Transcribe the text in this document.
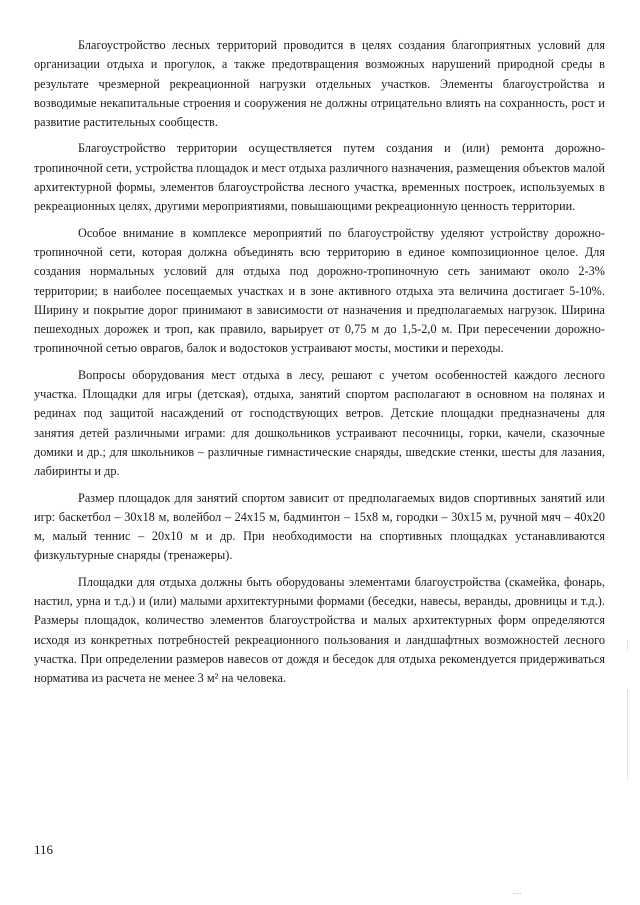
Благоустройство лесных территорий проводится в целях создания благоприятных условий для организации отдыха и прогулок, а также предотвращения возможных нарушений природной среды в результате чрезмерной рекреационной нагрузки отдельных участков. Элементы благоустройства и возводимые некапитальные строения и сооружения не должны отрицательно влиять на сохранность, рост и развитие растительных сообществ.

Благоустройство территории осуществляется путем создания и (или) ремонта дорожно-тропиночной сети, устройства площадок и мест отдыха различного назначения, размещения объектов малой архитектурной формы, элементов благоустройства лесного участка, временных построек, используемых в рекреационных целях, другими мероприятиями, повышающими рекреационную ценность территории.

Особое внимание в комплексе мероприятий по благоустройству уделяют устройству дорожно-тропиночной сети, которая должна объединять всю территорию в единое композиционное целое. Для создания нормальных условий для отдыха под дорожно-тропиночную сеть занимают около 2-3% территории; в наиболее посещаемых участках и в зоне активного отдыха эта величина достигает 5-10%. Ширину и покрытие дорог принимают в зависимости от назначения и предполагаемых нагрузок. Ширина пешеходных дорожек и троп, как правило, варьирует от 0,75 м до 1,5-2,0 м. При пересечении дорожно-тропиночной сетью оврагов, балок и водостоков устраивают мосты, мостики и переходы.

Вопросы оборудования мест отдыха в лесу, решают с учетом особенностей каждого лесного участка. Площадки для игры (детская), отдыха, занятий спортом располагают в основном на полянах и рединах под защитой насаждений от господствующих ветров. Детские площадки предназначены для занятия детей различными играми: для дошкольников устраивают песочницы, горки, качели, сказочные домики и др.; для школьников – различные гимнастические снаряды, шведские стенки, шесты для лазания, лабиринты и др.

Размер площадок для занятий спортом зависит от предполагаемых видов спортивных занятий или игр: баскетбол – 30х18 м, волейбол – 24х15 м, бадминтон – 15х8 м, городки – 30х15 м, ручной мяч – 40х20 м, малый теннис – 20х10 м и др. При необходимости на спортивных площадках устанавливаются физкультурные снаряды (тренажеры).

Площадки для отдыха должны быть оборудованы элементами благоустройства (скамейка, фонарь, настил, урна и т.д.) и (или) малыми архитектурными формами (беседки, навесы, веранды, дровницы и т.д.). Размеры площадок, количество элементов благоустройства и малых архитектурных форм определяются исходя из конкретных потребностей рекреационного пользования и ландшафтных возможностей лесного участка. При определении размеров навесов от дождя и беседок для отдыха рекомендуется придерживаться норматива из расчета не менее 3 м² на человека.

116
